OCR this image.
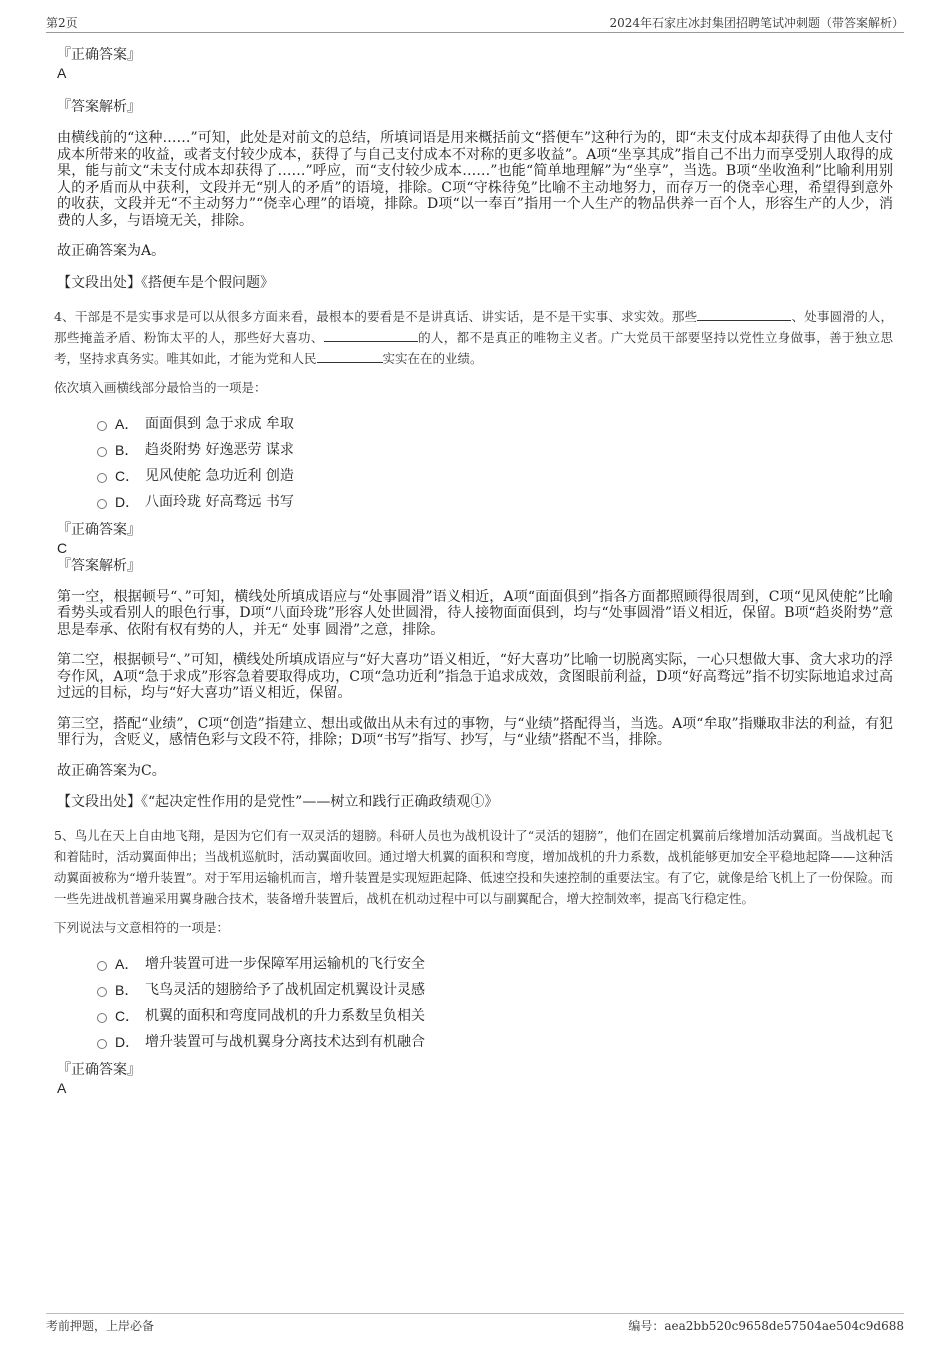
第2页	2024年石家庄冰封集团招聘笔试冲刺题（带答案解析）
『正确答案』
A
『答案解析』
由横线前的“这种……”可知，此处是对前文的总结，所填词语是用来概括前文“搭便车”这种行为的，即“未支付成本却获得了由他人支付成本所带来的收益，或者支付较少成本，获得了与自己支付成本不对称的更多收益”。A项“坐享其成”指自己不出力而享受别人取得的成果，能与前文“未支付成本却获得了……”呼应，而“支付较少成本……”也能“简单地理解”为“坐享”，当选。B项“坐收渔利”比喻利用别人的矛盾而从中获利，文段并无“别人的矛盾”的语境，排除。C项“守株待兔”比喻不主动地努力，而存万一的侥幸心理，希望得到意外的收获，文段并无“不主动努力”“侥幸心理”的语境，排除。D项“以一奉百”指用一个人生产的物品供养一百个人，形容生产的人少，消费的人多，与语境无关，排除。
故正确答案为A。
【文段出处】《搭便车是个假问题》
4、干部是不是实事求是可以从很多方面来看，最根本的要看是不是讲真话、讲实话，是不是干实事、求实效。那些	、处事圆滑的人，那些掩盖矛盾、粉饰太平的人，那些好大喜功、	的人，都不是真正的唯物主义者。广大党员干部要坚持以党性立身做事，善于独立思考，坚持求真务实。唯其如此，才能为党和人民	实实在在的业绩。
依次填入画横线部分最恰当的一项是：
A． 面面俱到 急于求成 牟取
B． 趋炎附势 好逸恶劳 谋求
C． 见风使舵 急功近利 创造
D． 八面玲珑 好高骛远 书写
『正确答案』
C
『答案解析』
第一空，根据顿号“、”可知，横线处所填成语应与“处事圆滑”语义相近，A项“面面俱到”指各方面都照顾得很周到，C项“见风使舵”比喻看势头或看别人的眼色行事，D项“八面玲珑”形容人处世圆滑，待人接物面面俱到，均与“处事圆滑”语义相近，保留。B项“趋炎附势”意思是奉承、依附有权有势的人，并无“ 处事 圆滑”之意，排除。
第二空，根据顿号“、”可知，横线处所填成语应与“好大喜功”语义相近，“好大喜功”比喻一切脱离实际，一心只想做大事、贪大求功的浮夸作风，A项“急于求成”形容急着要取得成功，C项“急功近利”指急于追求成效，贪图眼前利益，D项“好高骛远”指不切实际地追求过高过远的目标，均与“好大喜功”语义相近，保留。
第三空，搭配“业绩”，C项“创造”指建立、想出或做出从未有过的事物，与“业绩”搭配得当，当选。A项“牟取”指赚取非法的利益，有犯罪行为，含贬义，感情色彩与文段不符，排除；D项“书写”指写、抄写，与“业绩”搭配不当，排除。
故正确答案为C。
【文段出处】《“起决定性作用的是党性”——树立和践行正确政绩观①》
5、鸟儿在天上自由地飞翔，是因为它们有一双灵活的翅膀。科研人员也为战机设计了“灵活的翅膀”，他们在固定机翼前后缘增加活动翼面。当战机起飞和着陆时，活动翼面伸出；当战机巡航时，活动翼面收回。通过增大机翼的面积和弯度，增加战机的升力系数，战机能够更加安全平稳地起降——这种活动翼面被称为“增升装置”。对于军用运输机而言，增升装置是实现短距起降、低速空投和失速控制的重要法宝。有了它，就像是给飞机上了一份保险。而一些先进战机普遍采用翼身融合技术，装备增升装置后，战机在机动过程中可以与副翼配合，增大控制效率，提高飞行稳定性。
下列说法与文意相符的一项是：
A． 增升装置可进一步保障军用运输机的飞行安全
B． 飞鸟灵活的翅膀给予了战机固定机翼设计灵感
C． 机翼的面积和弯度同战机的升力系数呈负相关
D． 增升装置可与战机翼身分离技术达到有机融合
『正确答案』
A
考前押题，上岸必备	编号：aea2bb520c9658de57504ae504c9d688
